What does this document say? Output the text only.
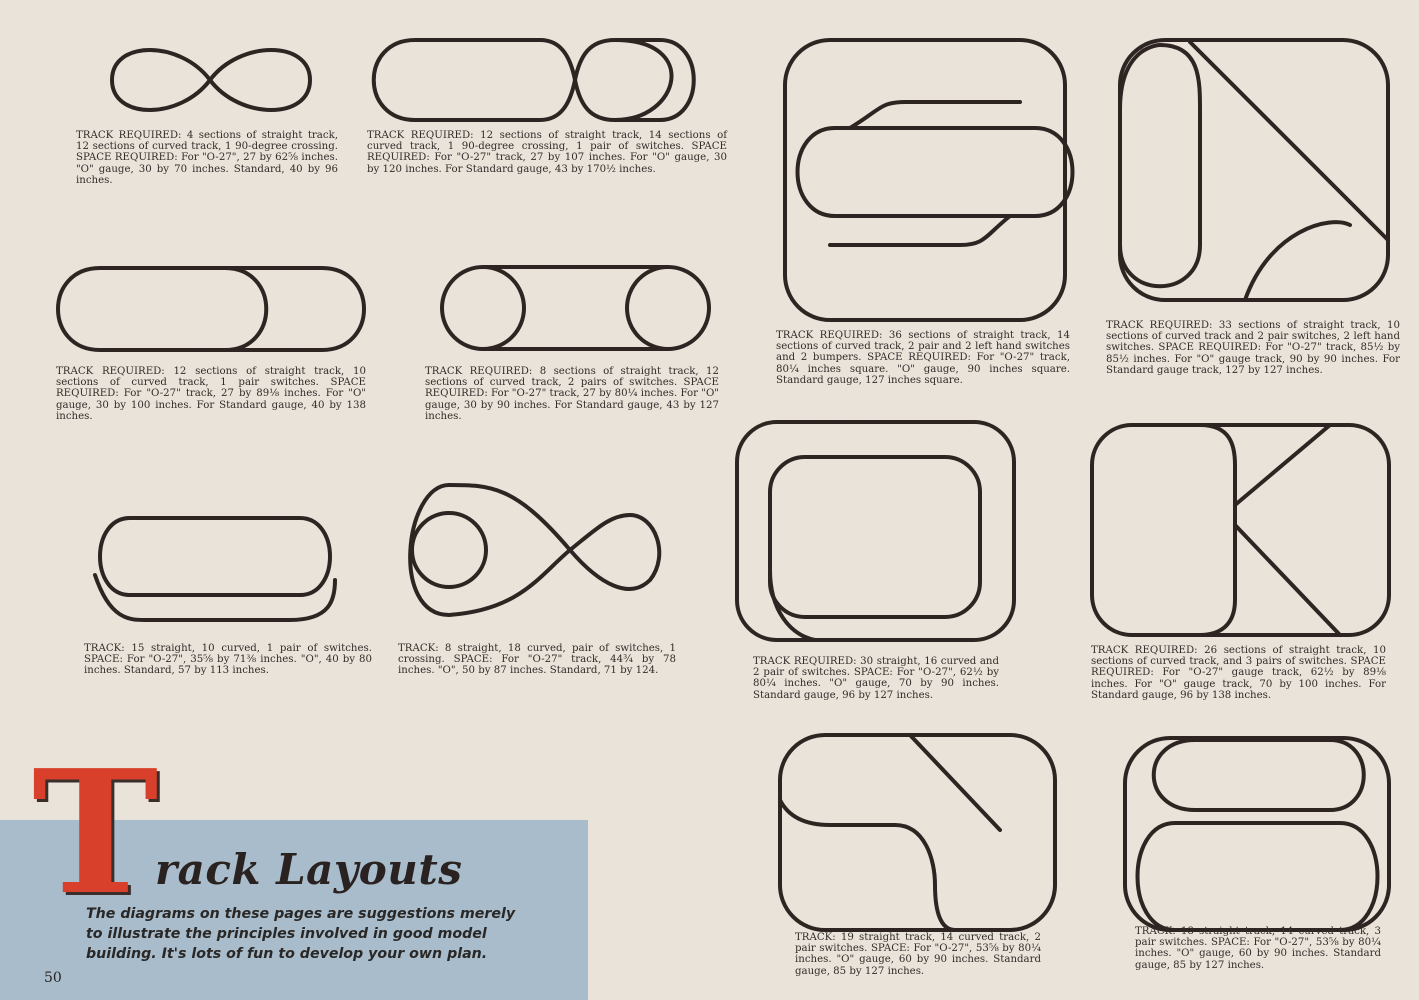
TRACK REQUIRED: 4 sections of straight track, 12 sections of curved track, 1 90-degree crossing. SPACE REQUIRED: For "O-27", 27 by 62⅝ inches. "O" gauge, 30 by 70 inches. Standard, 40 by 96 inches.

TRACK REQUIRED: 12 sections of straight track, 14 sections of curved track, 1 90-degree crossing, 1 pair of switches. SPACE REQUIRED: For "O-27" track, 27 by 107 inches. For "O" gauge, 30 by 120 inches. For Standard gauge, 43 by 170½ inches.

TRACK REQUIRED: 36 sections of straight track, 14 sections of curved track, 2 pair and 2 left hand switches and 2 bumpers. SPACE REQUIRED: For "O-27" track, 80¼ inches square. "O" gauge, 90 inches square. Standard gauge, 127 inches square.

TRACK REQUIRED: 33 sections of straight track, 10 sections of curved track and 2 pair switches, 2 left hand switches. SPACE REQUIRED: For "O-27" track, 85½ by 85½ inches. For "O" gauge track, 90 by 90 inches. For Standard gauge track, 127 by 127 inches.

TRACK REQUIRED: 12 sections of straight track, 10 sections of curved track, 1 pair switches. SPACE REQUIRED: For "O-27" track, 27 by 89⅛ inches. For "O" gauge, 30 by 100 inches. For Standard gauge, 40 by 138 inches.

TRACK REQUIRED: 8 sections of straight track, 12 sections of curved track, 2 pairs of switches. SPACE REQUIRED: For "O-27" track, 27 by 80¼ inches. For "O" gauge, 30 by 90 inches. For Standard gauge, 43 by 127 inches.

TRACK: 15 straight, 10 curved, 1 pair of switches. SPACE: For "O-27", 35⅝ by 71⅜ inches. "O", 40 by 80 inches. Standard, 57 by 113 inches.

TRACK: 8 straight, 18 curved, pair of switches, 1 crossing. SPACE: For "O-27" track, 44¾ by 78 inches. "O", 50 by 87 inches. Standard, 71 by 124.

TRACK REQUIRED: 30 straight, 16 curved and 2 pair of switches. SPACE: For "O-27", 62½ by 80¼ inches. "O" gauge, 70 by 90 inches. Standard gauge, 96 by 127 inches.

TRACK REQUIRED: 26 sections of straight track, 10 sections of curved track, and 3 pairs of switches. SPACE REQUIRED: For "O-27" gauge track, 62½ by 89⅛ inches. For "O" gauge track, 70 by 100 inches. For Standard gauge, 96 by 138 inches.

TRACK: 19 straight track, 14 curved track, 2 pair switches. SPACE: For "O-27", 53⅝ by 80¼ inches. "O" gauge, 60 by 90 inches. Standard gauge, 85 by 127 inches.

TRACK: 18 straight track, 14 curved track, 3 pair switches. SPACE: For "O-27", 53⅝ by 80¼ inches. "O" gauge, 60 by 90 inches. Standard gauge, 85 by 127 inches.

T
rack Layouts

The diagrams on these pages are suggestions merely to illustrate the principles involved in good model building. It's lots of fun to develop your own plan.

50
